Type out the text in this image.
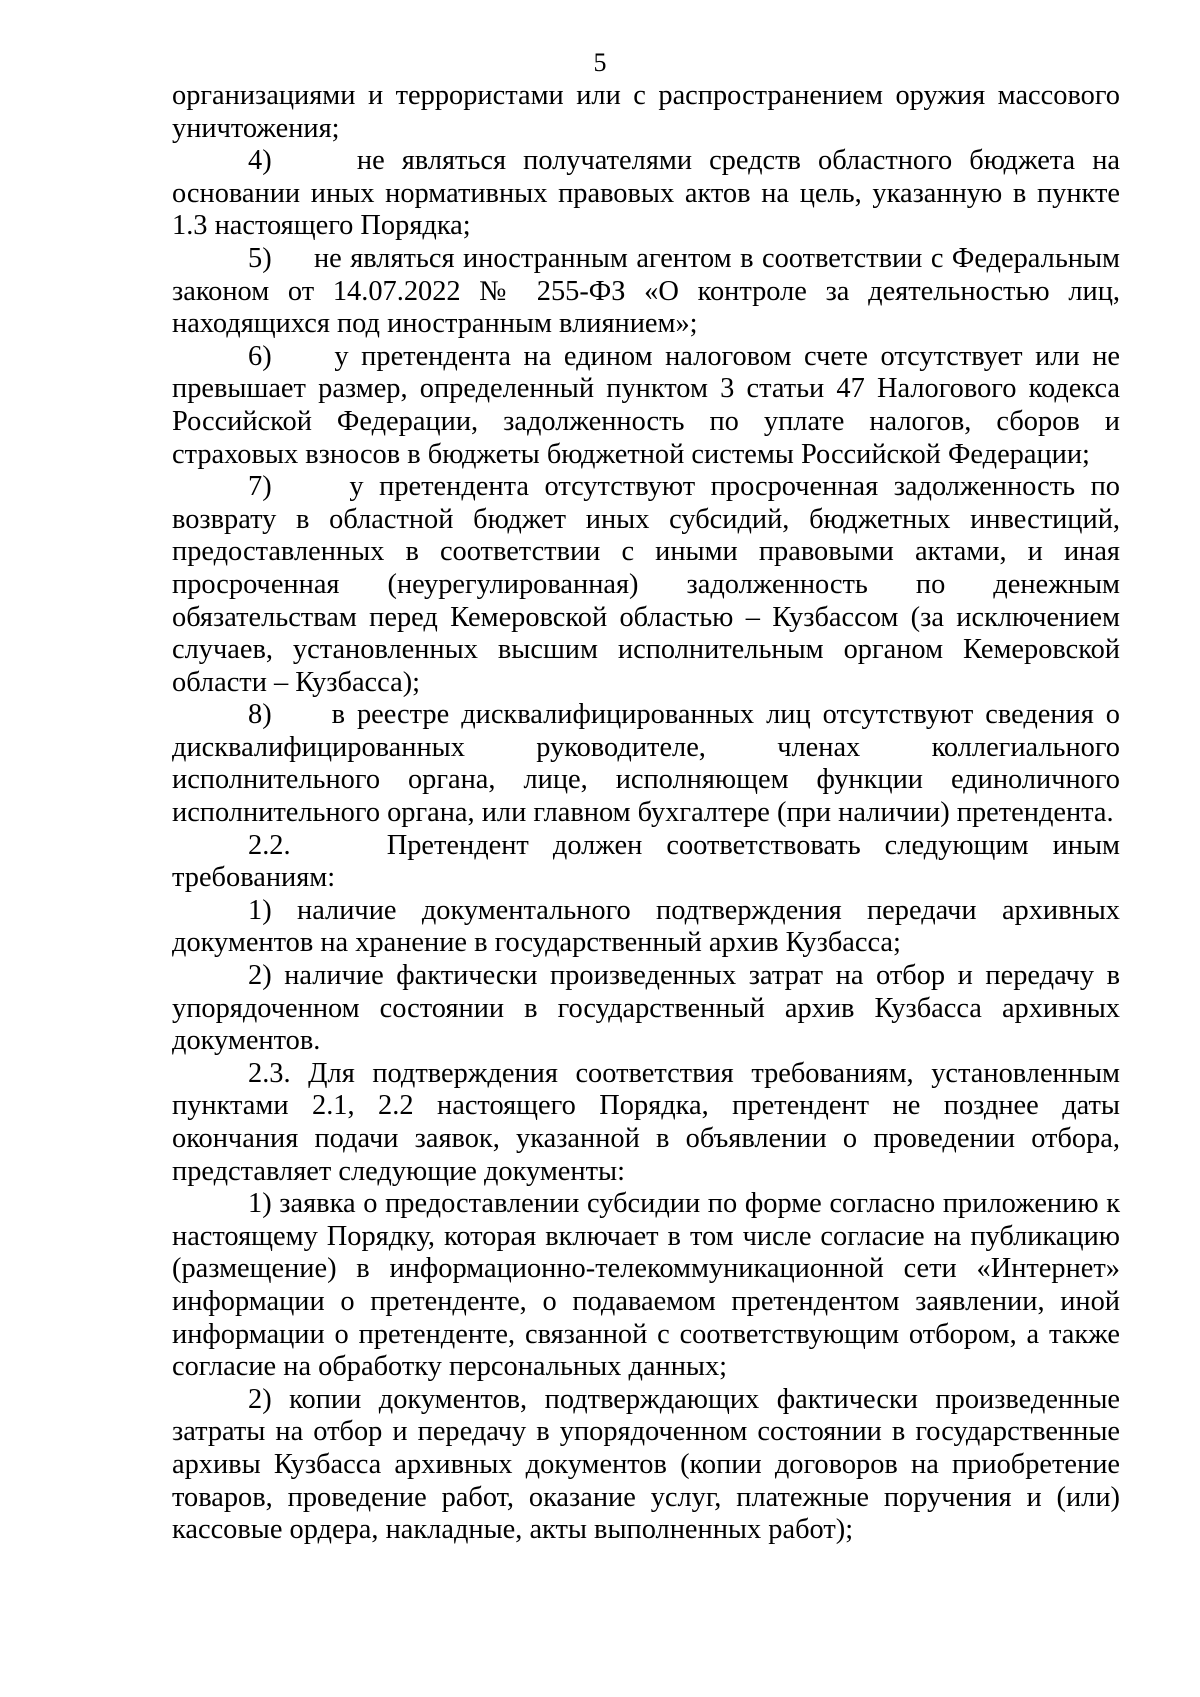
5

организациями и террористами или с распространением оружия массового уничтожения;

4)     не являться получателями средств областного бюджета на основании иных нормативных правовых актов на цель, указанную в пункте 1.3 настоящего Порядка;

5)     не являться иностранным агентом в соответствии с Федеральным законом от 14.07.2022 № 255-ФЗ «О контроле за деятельностью лиц, находящихся под иностранным влиянием»;

6)     у претендента на едином налоговом счете отсутствует или не превышает размер, определенный пунктом 3 статьи 47 Налогового кодекса Российской Федерации, задолженность по уплате налогов, сборов и страховых взносов в бюджеты бюджетной системы Российской Федерации;

7)     у претендента отсутствуют просроченная задолженность по возврату в областной бюджет иных субсидий, бюджетных инвестиций, предоставленных в соответствии с иными правовыми актами, и иная просроченная (неурегулированная) задолженность по денежным обязательствам перед Кемеровской областью – Кузбассом (за исключением случаев, установленных высшим исполнительным органом Кемеровской области – Кузбасса);

8)     в реестре дисквалифицированных лиц отсутствуют сведения о дисквалифицированных руководителе, членах коллегиального исполнительного органа, лице, исполняющем функции единоличного исполнительного органа, или главном бухгалтере (при наличии) претендента.

2.2.    Претендент должен соответствовать следующим иным требованиям:

1) наличие документального подтверждения передачи архивных документов на хранение в государственный архив Кузбасса;

2) наличие фактически произведенных затрат на отбор и передачу в упорядоченном состоянии в государственный архив Кузбасса архивных документов.

2.3. Для подтверждения соответствия требованиям, установленным пунктами 2.1, 2.2 настоящего Порядка, претендент не позднее даты окончания подачи заявок, указанной в объявлении о проведении отбора, представляет следующие документы:

1) заявка о предоставлении субсидии по форме согласно приложению к настоящему Порядку, которая включает в том числе согласие на публикацию (размещение) в информационно-телекоммуникационной сети «Интернет» информации о претенденте, о подаваемом претендентом заявлении, иной информации о претенденте, связанной с соответствующим отбором, а также согласие на обработку персональных данных;

2) копии документов, подтверждающих фактически произведенные затраты на отбор и передачу в упорядоченном состоянии в государственные архивы Кузбасса архивных документов (копии договоров на приобретение товаров, проведение работ, оказание услуг, платежные поручения и (или) кассовые ордера, накладные, акты выполненных работ);
